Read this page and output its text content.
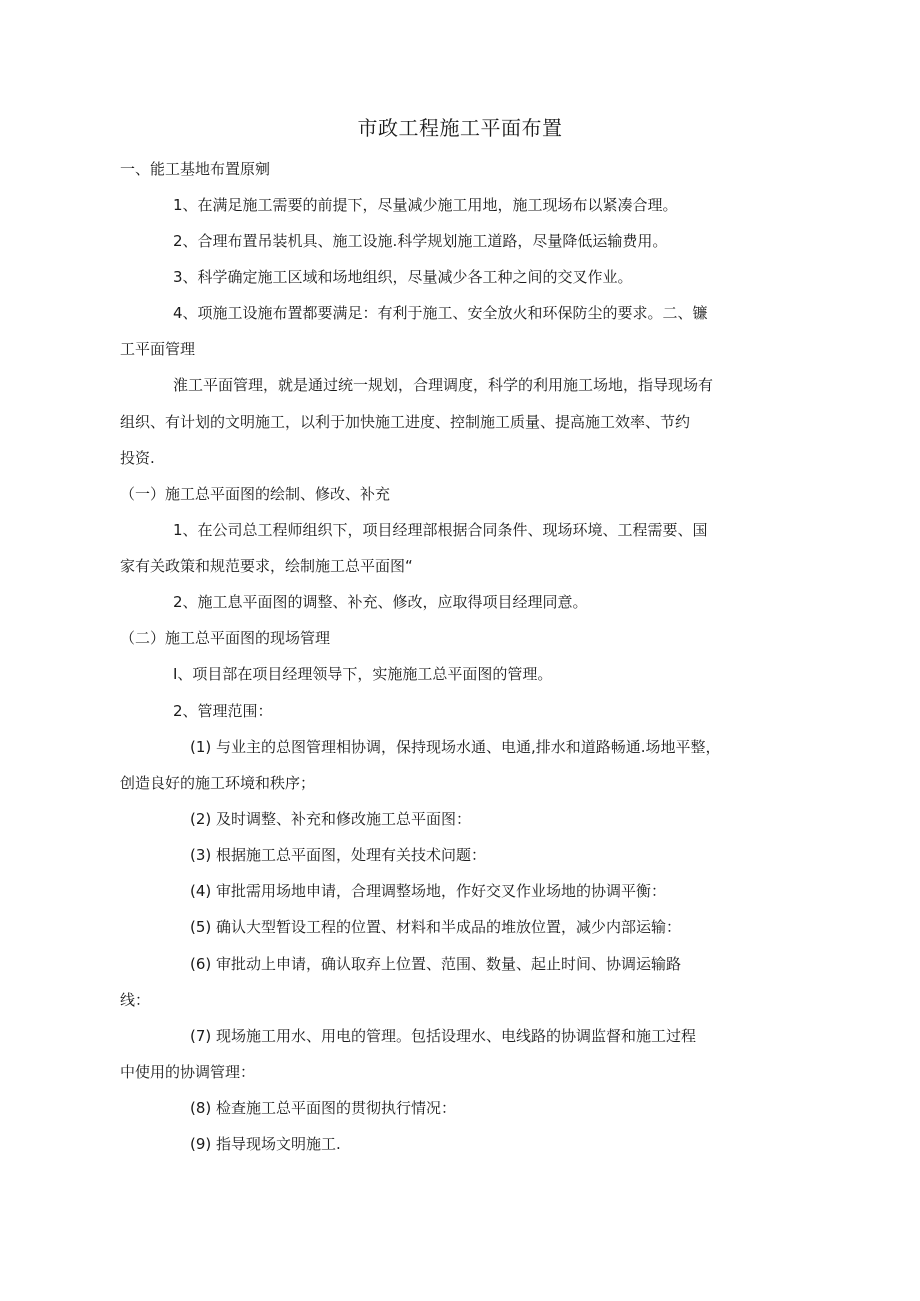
市政工程施工平面布置
一、能工基地布置原剜
1、在满足施工需要的前提下，尽量减少施工用地，施工现场布以紧凑合理。
2、合理布置吊装机具、施工设施.科学规划施工道路，尽量降低运输费用。
3、科学确定施工区域和场地组织，尽量减少各工种之间的交叉作业。
4、项施工设施布置都要满足：有利于施工、安全放火和环保防尘的要求。二、镰
工平面管理
淮工平面管理，就是通过统一规划，合理调度，科学的利用施工场地，指导现场有
组织、有计划的文明施工，以利于加快施工进度、控制施工质量、提高施工效率、节约
投资.
（一）施工总平面图的绘制、修改、补充
1、在公司总工程师组织下，项目经理部根据合同条件、现场环境、工程需要、国
家有关政策和规范要求，绘制施工总平面图“
2、施工息平面图的调整、补充、修改，应取得项目经理同意。
（二）施工总平面图的现场管理
I、项目部在项目经理领导下，实施施工总平面图的管理。
2、管理范围：
(1) 与业主的总图管理相协调，保持现场水通、电通,排水和道路畅通.场地平整，
创造良好的施工环境和秩序；
(2) 及时调整、补充和修改施工总平面图：
(3) 根据施工总平面图，处理有关技术问题：
(4) 审批需用场地申请，合理调整场地，作好交叉作业场地的协调平衡：
(5) 确认大型暂设工程的位置、材料和半成品的堆放位置，减少内部运输：
(6) 审批动上申请，确认取弃上位置、范围、数量、起止时间、协调运输路
线：
(7) 现场施工用水、用电的管理。包括设理水、电线路的协调监督和施工过程
中使用的协调管理：
(8) 检查施工总平面图的贯彻执行情况：
(9) 指导现场文明施工.
